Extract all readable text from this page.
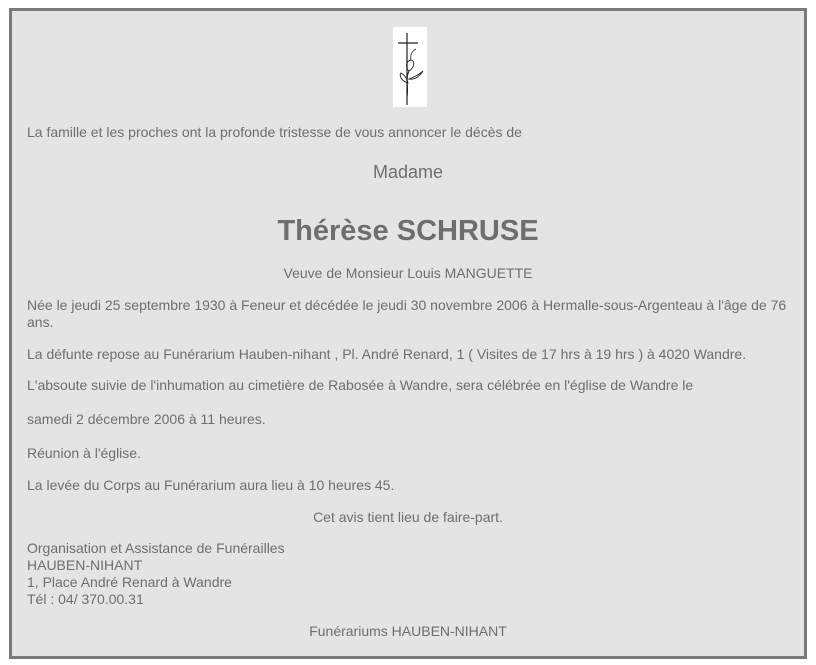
La famille et les proches ont la profonde tristesse de vous annoncer le décès de
Madame
Thérèse SCHRUSE
Veuve de Monsieur Louis MANGUETTE
Née le jeudi 25 septembre 1930 à Feneur et décédée le jeudi 30 novembre 2006 à Hermalle-sous-Argenteau à l'âge de 76 ans.
La défunte repose au Funérarium Hauben-nihant , Pl. André Renard, 1 ( Visites de 17 hrs à 19 hrs ) à 4020 Wandre.
L'absoute suivie de l'inhumation au cimetière de Rabosée à Wandre, sera célébrée en l'église de Wandre le
samedi 2 décembre 2006 à 11 heures.
Réunion à l'église.
La levée du Corps au Funérarium aura lieu à 10 heures 45.
Cet avis tient lieu de faire-part.
Organisation et Assistance de Funérailles
HAUBEN-NIHANT
1, Place André Renard à Wandre
Tél : 04/ 370.00.31
Funérariums HAUBEN-NIHANT
